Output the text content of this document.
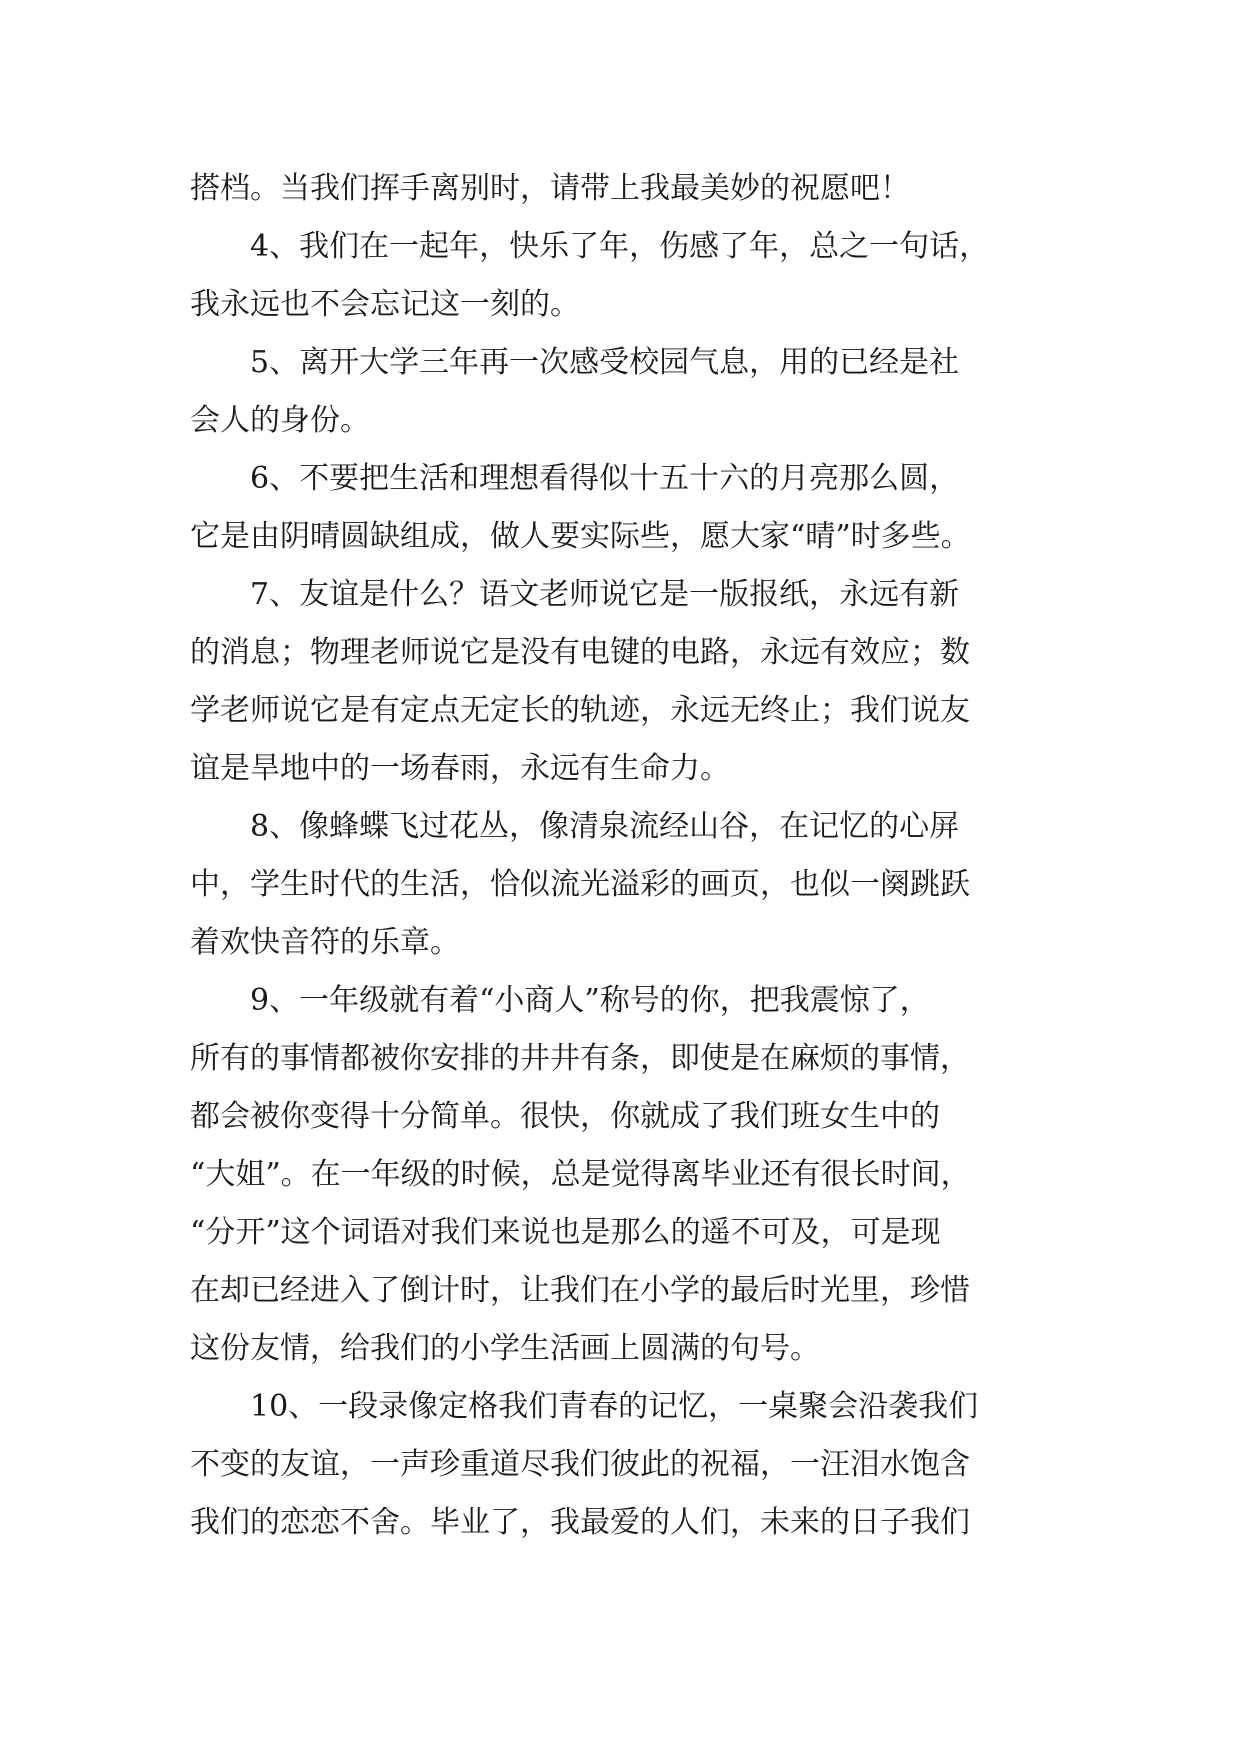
搭档。当我们挥手离别时，请带上我最美妙的祝愿吧！
4、我们在一起年，快乐了年，伤感了年，总之一句话，
我永远也不会忘记这一刻的。
5、离开大学三年再一次感受校园气息，用的已经是社
会人的身份。
6、不要把生活和理想看得似十五十六的月亮那么圆，
它是由阴晴圆缺组成，做人要实际些，愿大家“晴”时多些。
7、友谊是什么？语文老师说它是一版报纸，永远有新
的消息；物理老师说它是没有电键的电路，永远有效应；数
学老师说它是有定点无定长的轨迹，永远无终止；我们说友
谊是旱地中的一场春雨，永远有生命力。
8、像蜂蝶飞过花丛，像清泉流经山谷，在记忆的心屏
中，学生时代的生活，恰似流光溢彩的画页，也似一阕跳跃
着欢快音符的乐章。
9、一年级就有着“小商人”称号的你，把我震惊了，
所有的事情都被你安排的井井有条，即使是在麻烦的事情，
都会被你变得十分简单。很快，你就成了我们班女生中的
“大姐”。在一年级的时候，总是觉得离毕业还有很长时间，
“分开”这个词语对我们来说也是那么的遥不可及，可是现
在却已经进入了倒计时，让我们在小学的最后时光里，珍惜
这份友情，给我们的小学生活画上圆满的句号。
10、一段录像定格我们青春的记忆，一桌聚会沿袭我们
不变的友谊，一声珍重道尽我们彼此的祝福，一汪泪水饱含
我们的恋恋不舍。毕业了，我最爱的人们，未来的日子我们
